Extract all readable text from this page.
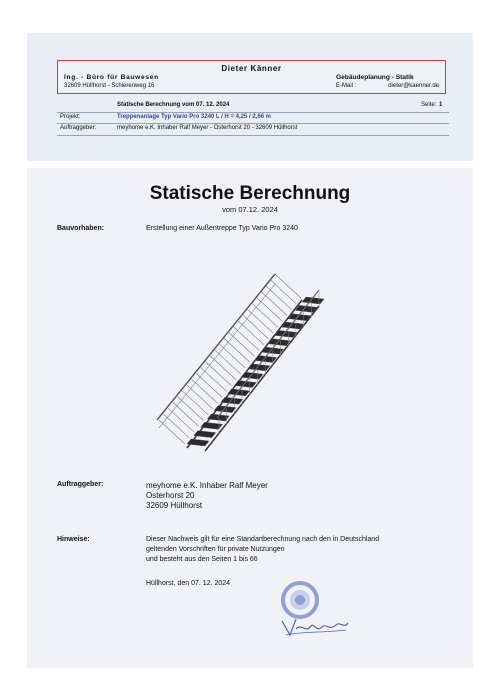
Dieter Känner
Ing. - Büro für Bauwesen
32609 Hüllhorst - Schierenweg 16
Gebäudeplanung - Statik
E-Mail :	dieter@kaenner.de
Statische Berechnung vom 07. 12. 2024	Seite: 1
Projekt:	Treppenanlage Typ Vario Pro 3240 L / H = 4,25 / 2,66 m
Auftraggeber:	meyhome e.K. Inhaber Ralf Meyer - Osterhorst 20 - 32609 Hüllhorst
Statische Berechnung
vom 07.12. 2024
Bauvorhaben:	Erstellung einer Außentreppe Typ Vario Pro 3240
Auftraggeber:	meyhome e.K. Inhaber Ralf Meyer
Osterhorst 20
32609 Hüllhorst
Hinweise:	Dieser Nachweis gilt für eine Standartberechnung nach den in Deutschland
geltenden Vorschriften für private Nutzungen
und besteht aus den Seiten 1 bis 66
Hüllhorst, den 07. 12. 2024
